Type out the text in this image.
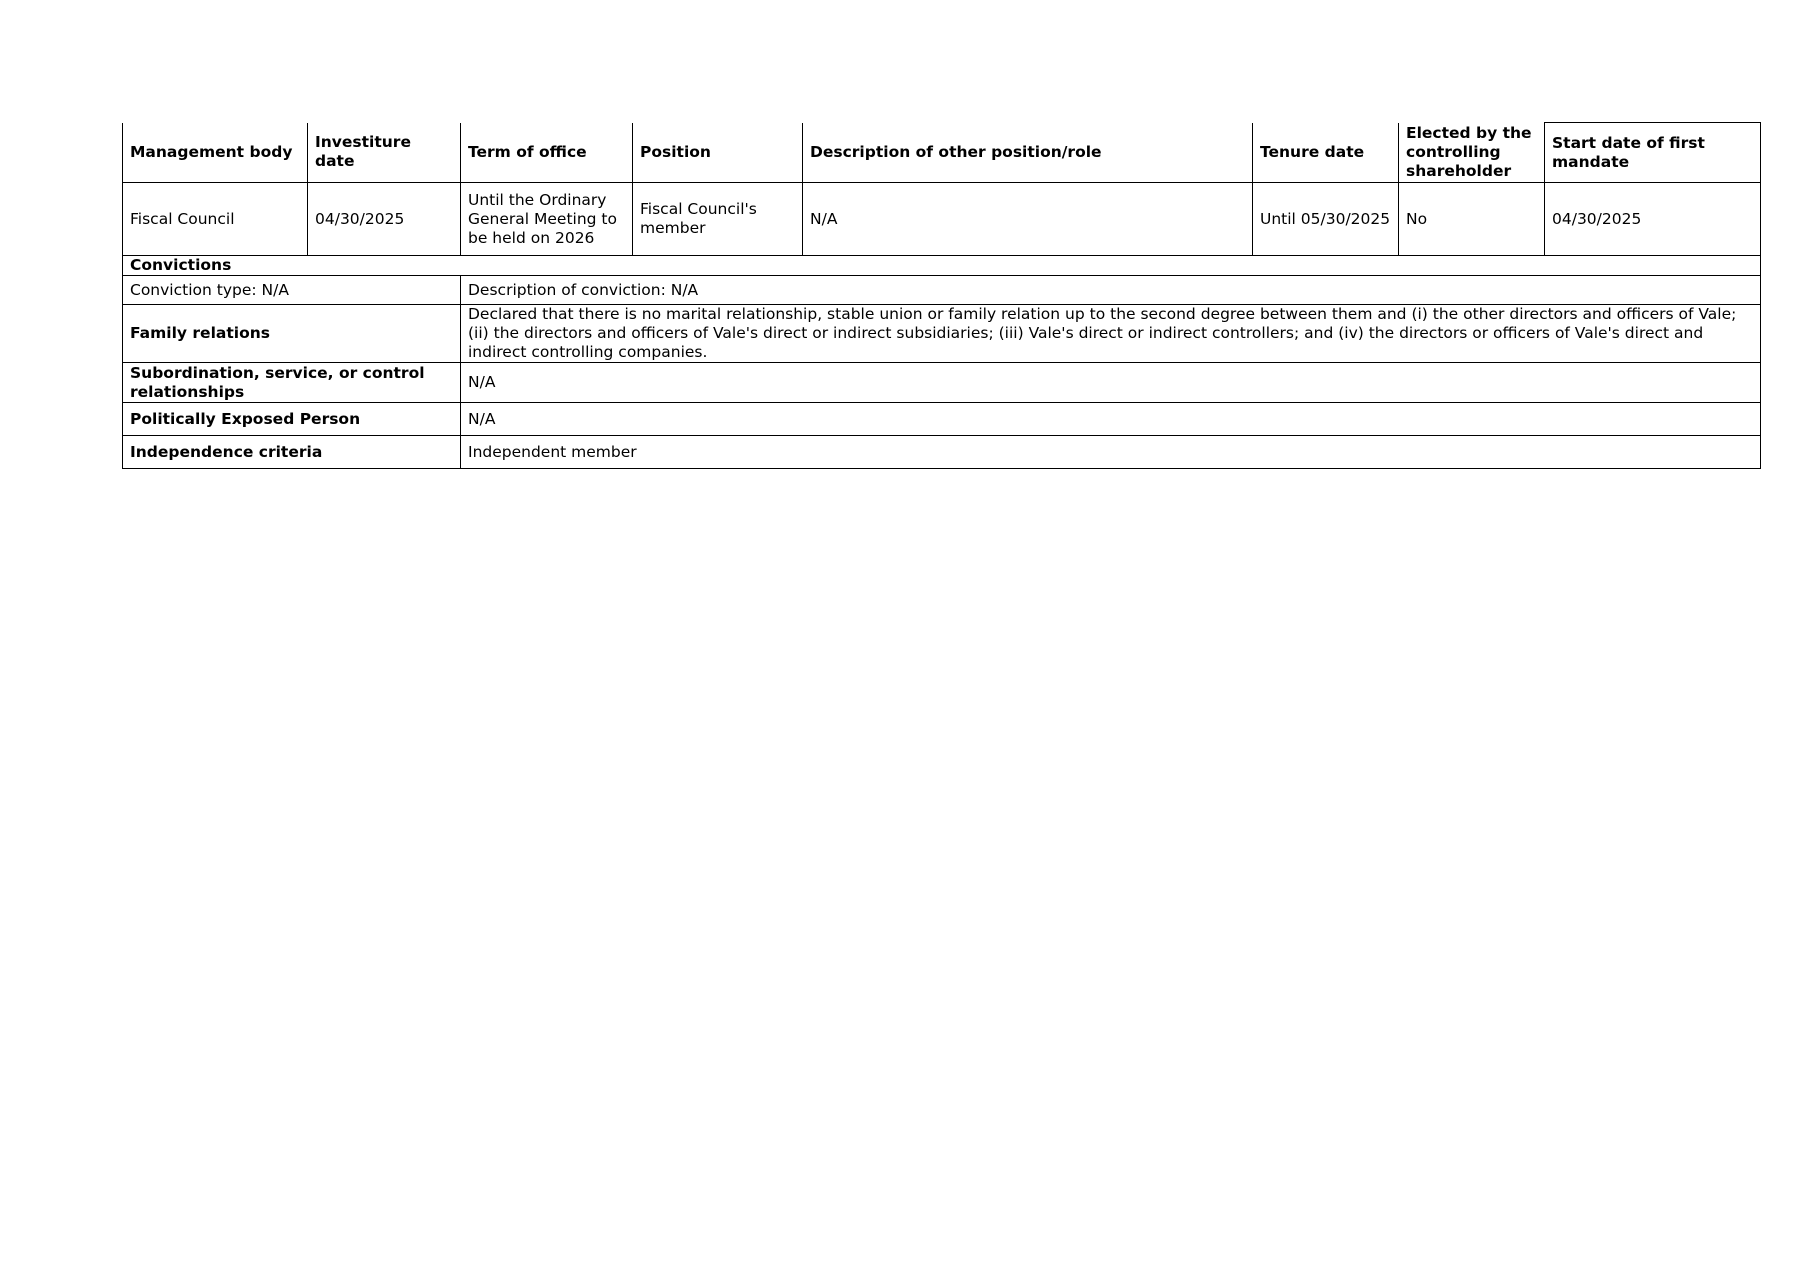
Management body	Investiture date	Term of office	Position	Description of other position/role	Tenure date	Elected by the controlling shareholder	Start date of first mandate
Fiscal Council	04/30/2025	Until the Ordinary General Meeting to be held on 2026	Fiscal Council's member	N/A	Until 05/30/2025	No	04/30/2025
Convictions							
Conviction type: N/A		Description of conviction: N/A					
Family relations		Declared that there is no marital relationship, stable union or family relation up to the second degree between them and (i) the other directors and officers of Vale; (ii) the directors and officers of Vale's direct or indirect subsidiaries; (iii) Vale's direct or indirect controllers; and (iv) the directors or officers of Vale's direct and indirect controlling companies.					
Subordination, service, or control relationships		N/A					
Politically Exposed Person		N/A					
Independence criteria		Independent member					
